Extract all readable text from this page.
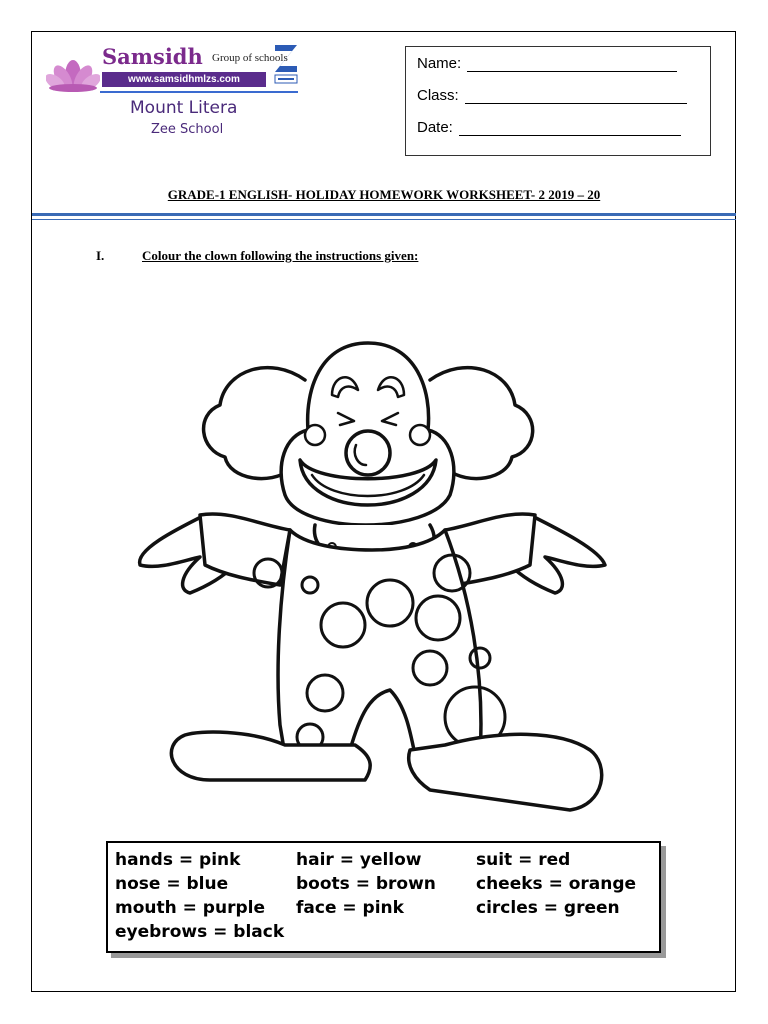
Samsidh Group of schools
www.samsidhmlzs.com
Mount Litera
Zee School
Name:
Class:
Date:
GRADE-1 ENGLISH- HOLIDAY HOMEWORK WORKSHEET- 2 2019 – 20
I.	Colour the clown following the instructions given:
hands = pink
nose = blue
mouth = purple
eyebrows = black
hair = yellow
boots = brown
face = pink
suit = red
cheeks = orange
circles = green
